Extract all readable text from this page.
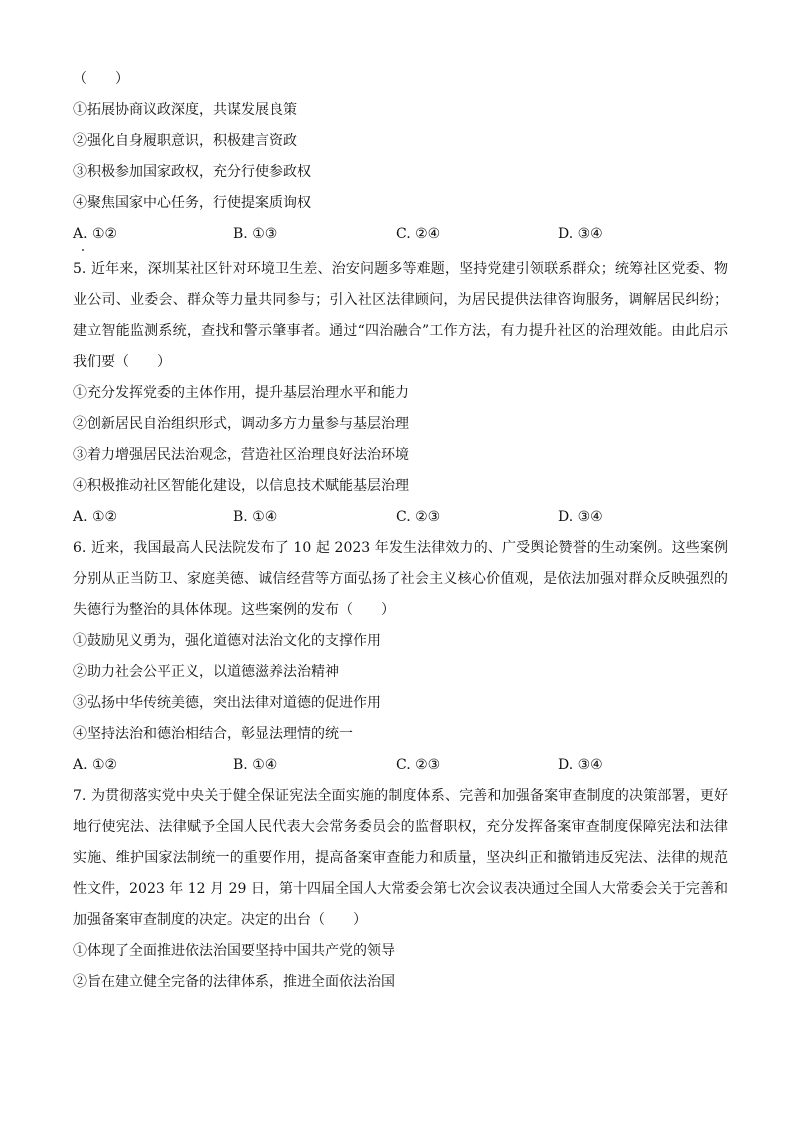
（　　）
①拓展协商议政深度，共谋发展良策
②强化自身履职意识，积极建言资政
③积极参加国家政权，充分行使参政权
④聚焦国家中心任务，行使提案质询权
A. ①②	B. ①③	C. ②④	D. ③④
5. 近年来，深圳某社区针对环境卫生差、治安问题多等难题，坚持党建引领联系群众；统筹社区党委、物业公司、业委会、群众等力量共同参与；引入社区法律顾问，为居民提供法律咨询服务，调解居民纠纷；建立智能监测系统，查找和警示肇事者。通过“四治融合”工作方法，有力提升社区的治理效能。由此启示我们要（　　）
①充分发挥党委的主体作用，提升基层治理水平和能力
②创新居民自治组织形式，调动多方力量参与基层治理
③着力增强居民法治观念，营造社区治理良好法治环境
④积极推动社区智能化建设，以信息技术赋能基层治理
A. ①②	B. ①④	C. ②③	D. ③④
6. 近来，我国最高人民法院发布了 10 起 2023 年发生法律效力的、广受舆论赞誉的生动案例。这些案例分别从正当防卫、家庭美德、诚信经营等方面弘扬了社会主义核心价值观，是依法加强对群众反映强烈的失德行为整治的具体体现。这些案例的发布（　　）
①鼓励见义勇为，强化道德对法治文化的支撑作用
②助力社会公平正义，以道德滋养法治精神
③弘扬中华传统美德，突出法律对道德的促进作用
④坚持法治和德治相结合，彰显法理情的统一
A. ①②	B. ①④	C. ②③	D. ③④
7. 为贯彻落实党中央关于健全保证宪法全面实施的制度体系、完善和加强备案审查制度的决策部署，更好地行使宪法、法律赋予全国人民代表大会常务委员会的监督职权，充分发挥备案审查制度保障宪法和法律实施、维护国家法制统一的重要作用，提高备案审查能力和质量，坚决纠正和撤销违反宪法、法律的规范性文件，2023 年 12 月 29 日，第十四届全国人大常委会第七次会议表决通过全国人大常委会关于完善和加强备案审查制度的决定。决定的出台（　　）
①体现了全面推进依法治国要坚持中国共产党的领导
②旨在建立健全完备的法律体系，推进全面依法治国
